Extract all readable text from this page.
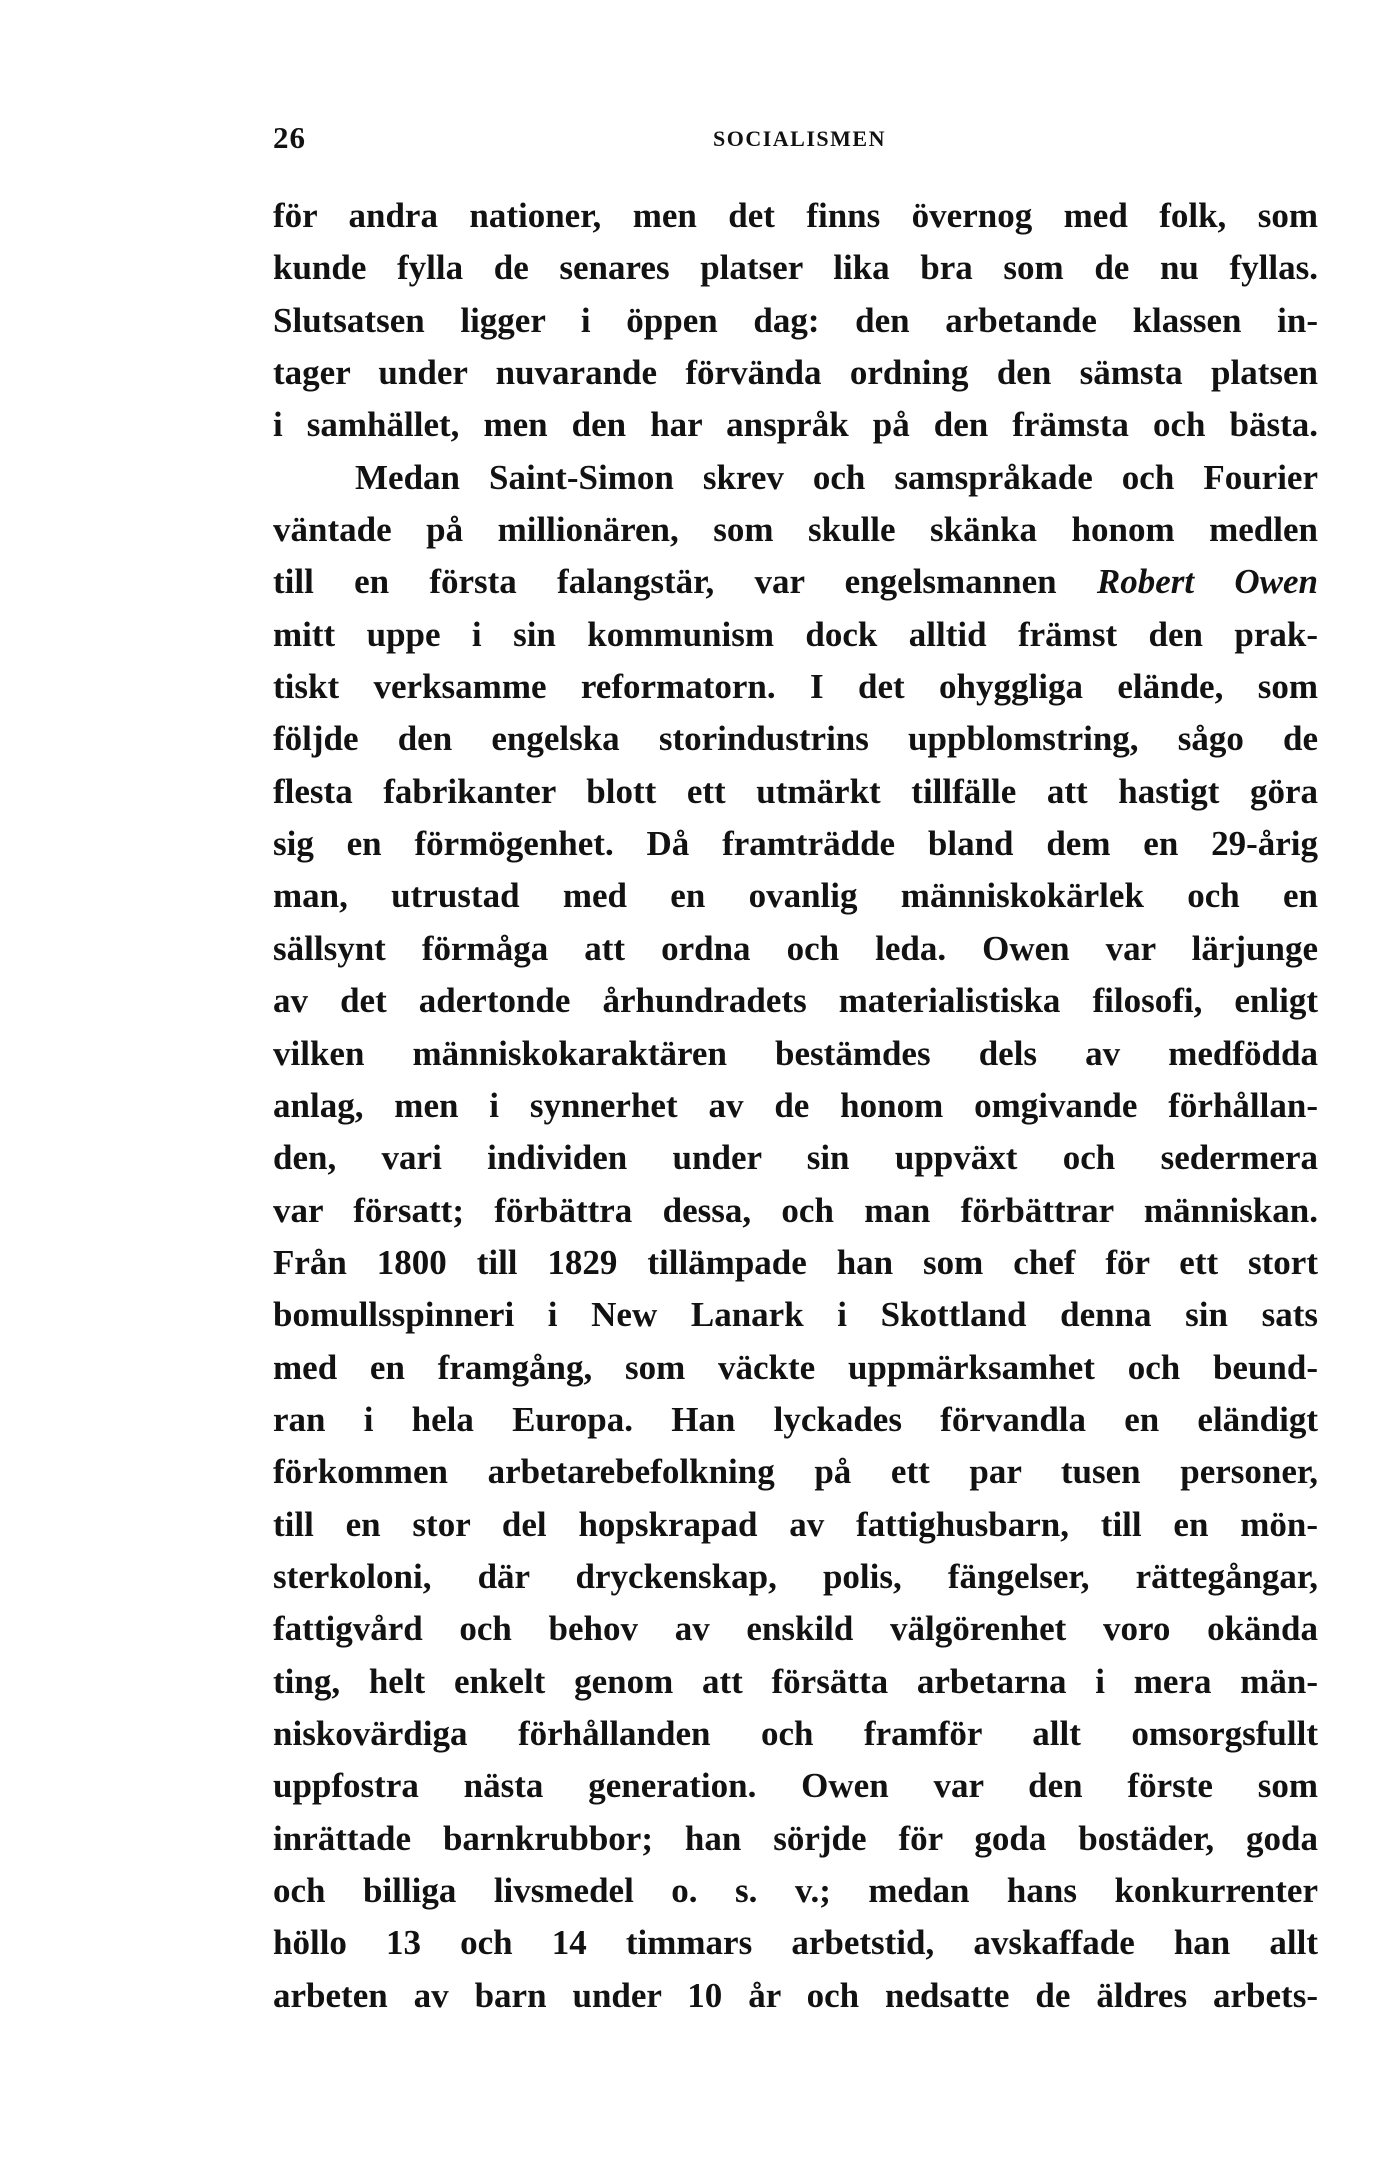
26	SOCIALISMEN
för andra nationer, men det finns övernog med folk, som
kunde fylla de senares platser lika bra som de nu fyllas.
Slutsatsen ligger i öppen dag: den arbetande klassen in-
tager under nuvarande förvända ordning den sämsta platsen
i samhället, men den har anspråk på den främsta och bästa.
Medan Saint-Simon skrev och samspråkade och Fourier
väntade på millionären, som skulle skänka honom medlen
till en första falangstär, var engelsmannen Robert Owen
mitt uppe i sin kommunism dock alltid främst den prak-
tiskt verksamme reformatorn. I det ohyggliga elände, som
följde den engelska storindustrins uppblomstring, sågo de
flesta fabrikanter blott ett utmärkt tillfälle att hastigt göra
sig en förmögenhet. Då framträdde bland dem en 29-årig
man, utrustad med en ovanlig människokärlek och en
sällsynt förmåga att ordna och leda. Owen var lärjunge
av det adertonde århundradets materialistiska filosofi, enligt
vilken människokaraktären bestämdes dels av medfödda
anlag, men i synnerhet av de honom omgivande förhållan-
den, vari individen under sin uppväxt och sedermera
var försatt; förbättra dessa, och man förbättrar människan.
Från 1800 till 1829 tillämpade han som chef för ett stort
bomullsspinneri i New Lanark i Skottland denna sin sats
med en framgång, som väckte uppmärksamhet och beund-
ran i hela Europa. Han lyckades förvandla en eländigt
förkommen arbetarebefolkning på ett par tusen personer,
till en stor del hopskrapad av fattighusbarn, till en mön-
sterkoloni, där dryckenskap, polis, fängelser, rättegångar,
fattigvård och behov av enskild välgörenhet voro okända
ting, helt enkelt genom att försätta arbetarna i mera män-
niskovärdiga förhållanden och framför allt omsorgsfullt
uppfostra nästa generation. Owen var den förste som
inrättade barnkrubbor; han sörjde för goda bostäder, goda
och billiga livsmedel o. s. v.; medan hans konkurrenter
höllo 13 och 14 timmars arbetstid, avskaffade han allt
arbeten av barn under 10 år och nedsatte de äldres arbets-
